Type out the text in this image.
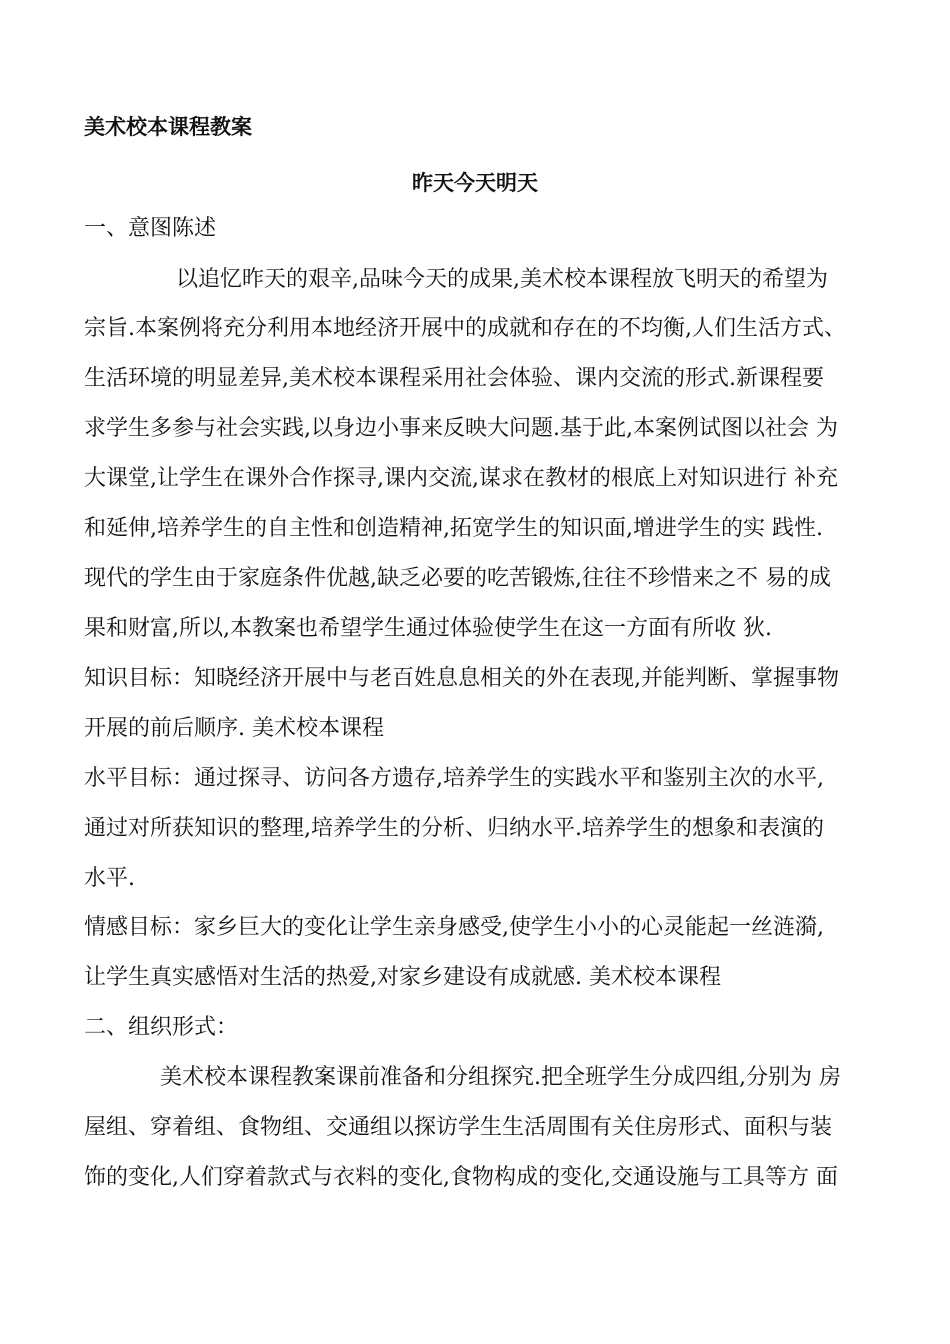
美术校本课程教案
昨天今天明天
一、意图陈述
以追忆昨天的艰辛,品味今天的成果,美术校本课程放飞明天的希望为
宗旨.本案例将充分利用本地经济开展中的成就和存在的不均衡,人们生活方式、
生活环境的明显差异,美术校本课程采用社会体验、课内交流的形式.新课程要
求学生多参与社会实践,以身边小事来反映大问题.基于此,本案例试图以社会 为
大课堂,让学生在课外合作探寻,课内交流,谋求在教材的根底上对知识进行 补充
和延伸,培养学生的自主性和创造精神,拓宽学生的知识面,增进学生的实 践性.
现代的学生由于家庭条件优越,缺乏必要的吃苦锻炼,往往不珍惜来之不 易的成
果和财富,所以,本教案也希望学生通过体验使学生在这一方面有所收 狄.
知识目标：知晓经济开展中与老百姓息息相关的外在表现,并能判断、掌握事物
开展的前后顺序. 美术校本课程
水平目标：通过探寻、访问各方遗存,培养学生的实践水平和鉴别主次的水平,
通过对所获知识的整理,培养学生的分析、归纳水平.培养学生的想象和表演的
水平.
情感目标：家乡巨大的变化让学生亲身感受,使学生小小的心灵能起一丝涟漪,
让学生真实感悟对生活的热爱,对家乡建设有成就感. 美术校本课程
二、组织形式：
美术校本课程教案课前准备和分组探究.把全班学生分成四组,分别为 房
屋组、穿着组、食物组、交通组以探访学生生活周围有关住房形式、面积与装
饰的变化,人们穿着款式与衣料的变化,食物构成的变化,交通设施与工具等方 面
